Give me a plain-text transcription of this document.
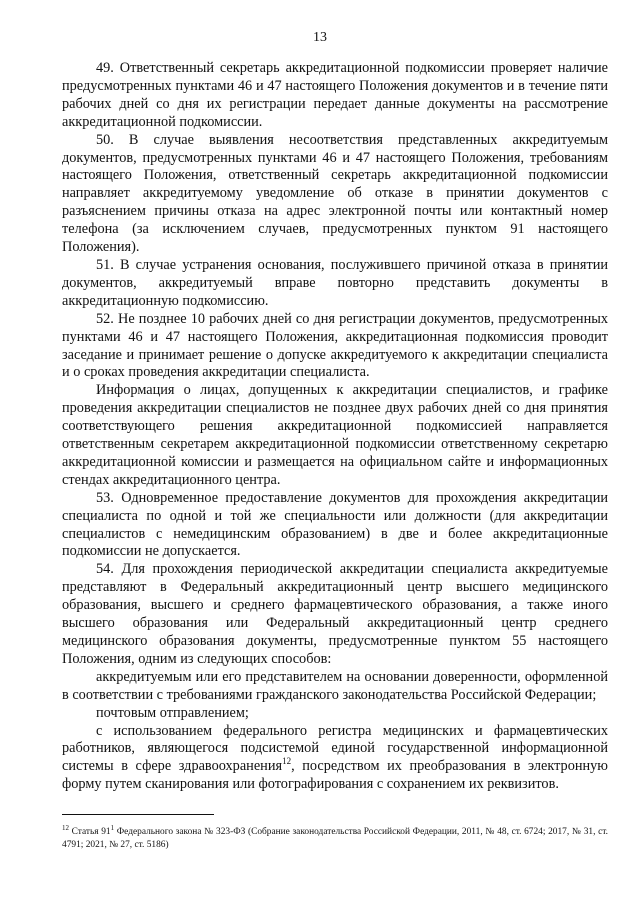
13

49. Ответственный секретарь аккредитационной подкомиссии проверяет наличие предусмотренных пунктами 46 и 47 настоящего Положения документов и в течение пяти рабочих дней со дня их регистрации передает данные документы на рассмотрение аккредитационной подкомиссии.

50. В случае выявления несоответствия представленных аккредитуемым документов, предусмотренных пунктами 46 и 47 настоящего Положения, требованиям настоящего Положения, ответственный секретарь аккредитационной подкомиссии направляет аккредитуемому уведомление об отказе в принятии документов с разъяснением причины отказа на адрес электронной почты или контактный номер телефона (за исключением случаев, предусмотренных пунктом 91 настоящего Положения).

51. В случае устранения основания, послужившего причиной отказа в принятии документов, аккредитуемый вправе повторно представить документы в аккредитационную подкомиссию.

52. Не позднее 10 рабочих дней со дня регистрации документов, предусмотренных пунктами 46 и 47 настоящего Положения, аккредитационная подкомиссия проводит заседание и принимает решение о допуске аккредитуемого к аккредитации специалиста и о сроках проведения аккредитации специалиста.

Информация о лицах, допущенных к аккредитации специалистов, и графике проведения аккредитации специалистов не позднее двух рабочих дней со дня принятия соответствующего решения аккредитационной подкомиссией направляется ответственным секретарем аккредитационной подкомиссии ответственному секретарю аккредитационной комиссии и размещается на официальном сайте и информационных стендах аккредитационного центра.

53. Одновременное предоставление документов для прохождения аккредитации специалиста по одной и той же специальности или должности (для аккредитации специалистов с немедицинским образованием) в две и более аккредитационные подкомиссии не допускается.

54. Для прохождения периодической аккредитации специалиста аккредитуемые представляют в Федеральный аккредитационный центр высшего медицинского образования, высшего и среднего фармацевтического образования, а также иного высшего образования или Федеральный аккредитационный центр среднего медицинского образования документы, предусмотренные пунктом 55 настоящего Положения, одним из следующих способов:

аккредитуемым или его представителем на основании доверенности, оформленной в соответствии с требованиями гражданского законодательства Российской Федерации;

почтовым отправлением;

с использованием федерального регистра медицинских и фармацевтических работников, являющегося подсистемой единой государственной информационной системы в сфере здравоохранения$^{12}$, посредством их преобразования в электронную форму путем сканирования или фотографирования с сохранением их реквизитов.

$^{12}$ Статья $91^1$ Федерального закона № 323-ФЗ (Собрание законодательства Российской Федерации, 2011, № 48, ст. 6724; 2017, № 31, ст. 4791; 2021, № 27, ст. 5186)
